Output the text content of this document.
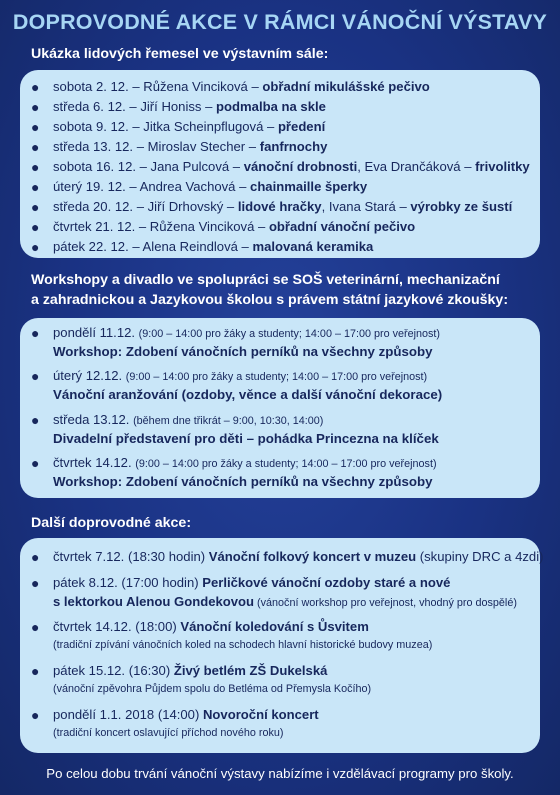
DOPROVODNÉ AKCE V RÁMCI VÁNOČNÍ VÝSTAVY
Ukázka lidových řemesel ve výstavním sále:
● sobota 2. 12. – Růžena Vinciková – obřadní mikulášské pečivo
● středa 6. 12. – Jiří Honiss – podmalba na skle
● sobota 9. 12. – Jitka Scheinpflugová – předení
● středa 13. 12. – Miroslav Stecher – fanfrnochy
● sobota 16. 12. – Jana Pulcová – vánoční drobnosti, Eva Drančáková – frivolitky
● úterý 19. 12. – Andrea Vachová – chainmaille šperky
● středa 20. 12. – Jiří Drhovský – lidové hračky, Ivana Stará – výrobky ze šustí
● čtvrtek 21. 12. – Růžena Vinciková – obřadní vánoční pečivo
● pátek 22. 12. – Alena Reindlová – malovaná keramika
Workshopy a divadlo ve spolupráci se SOŠ veterinární, mechanizační
a zahradnickou a Jazykovou školou s právem státní jazykové zkoušky:
● pondělí 11.12. (9:00 – 14:00 pro žáky a studenty; 14:00 – 17:00 pro veřejnost)
Workshop: Zdobení vánočních perníků na všechny způsoby
● úterý 12.12. (9:00 – 14:00 pro žáky a studenty; 14:00 – 17:00 pro veřejnost)
Vánoční aranžování (ozdoby, věnce a další vánoční dekorace)
● středa 13.12. (během dne třikrát – 9:00, 10:30, 14:00)
Divadelní představení pro děti – pohádka Princezna na klíček
● čtvrtek 14.12. (9:00 – 14:00 pro žáky a studenty; 14:00 – 17:00 pro veřejnost)
Workshop: Zdobení vánočních perníků na všechny způsoby
Další doprovodné akce:
● čtvrtek 7.12. (18:30 hodin) Vánoční folkový koncert v muzeu (skupiny DRC a 4zdi)
● pátek 8.12. (17:00 hodin) Perličkové vánoční ozdoby staré a nové
s lektorkou Alenou Gondekovou (vánoční workshop pro veřejnost, vhodný pro dospělé)
● čtvrtek 14.12. (18:00) Vánoční koledování s Ůsvitem
(tradiční zpívání vánočních koled na schodech hlavní historické budovy muzea)
● pátek 15.12. (16:30) Živý betlém ZŠ Dukelská
(vánoční zpěvohra Půjdem spolu do Betléma od Přemysla Kočího)
● pondělí 1.1. 2018 (14:00) Novoroční koncert
(tradiční koncert oslavující příchod nového roku)
Po celou dobu trvání vánoční výstavy nabízíme i vzdělávací programy pro školy.
